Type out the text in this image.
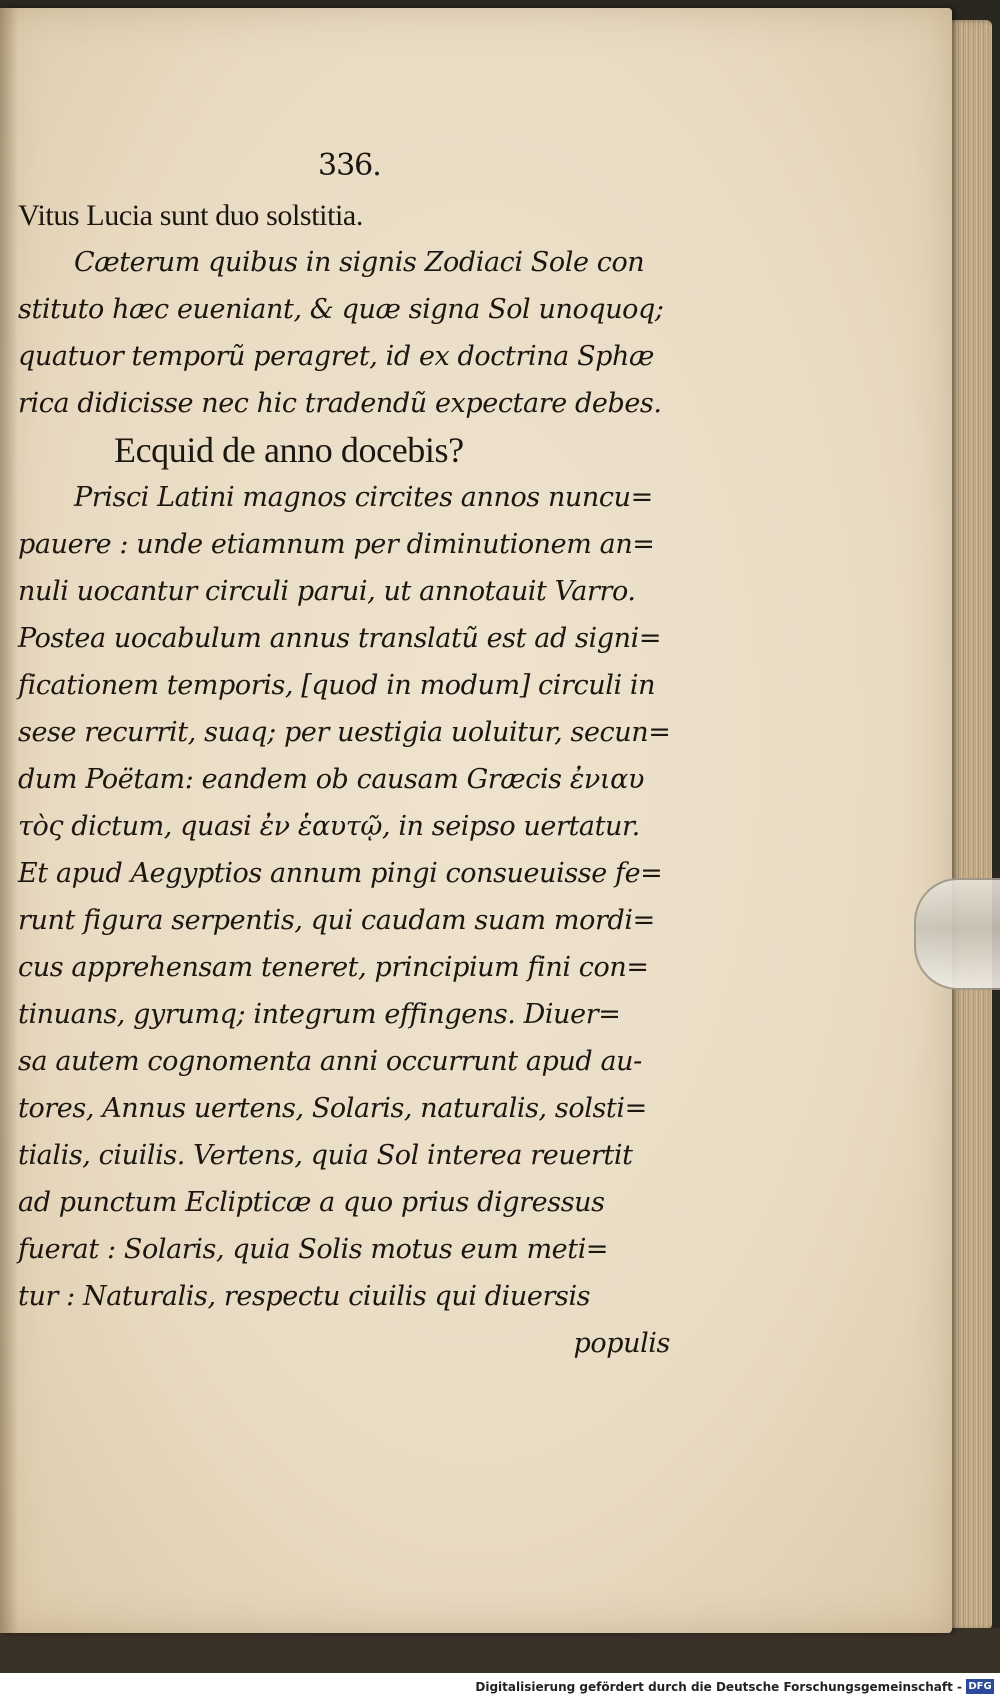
336.
Vitus Lucia sunt duo solstitia.
Cæterum quibus in signis Zodiaci Sole con
stituto hæc eueniant, & quæ signa Sol unoquoq;
quatuor temporũ peragret, id ex doctrina Sphæ
rica didicisse nec hic tradendũ expectare debes.
Ecquid de anno docebis?
Prisci Latini magnos circites annos nuncu=
pauere : unde etiamnum per diminutionem an=
nuli uocantur circuli parui, ut annotauit Varro.
Postea uocabulum annus translatũ est ad signi=
ficationem temporis, [quod in modum] circuli in
sese recurrit, suaq; per uestigia uoluitur, secun=
dum Poëtam: eandem ob causam Græcis ἐνιαυ
τὸς dictum, quasi ἐν ἑαυτῷ, in seipso uertatur.
Et apud Aegyptios annum pingi consueuisse fe=
runt figura serpentis, qui caudam suam mordi=
cus apprehensam teneret, principium fini con=
tinuans, gyrumq; integrum effingens. Diuer=
sa autem cognomenta anni occurrunt apud au-
tores, Annus uertens, Solaris, naturalis, solsti=
tialis, ciuilis. Vertens, quia Sol interea reuertit
ad punctum Eclipticæ a quo prius digressus
fuerat : Solaris, quia Solis motus eum meti=
tur : Naturalis, respectu ciuilis qui diuersis
populis
Digitalisierung gefördert durch die Deutsche Forschungsgemeinschaft - DFG
